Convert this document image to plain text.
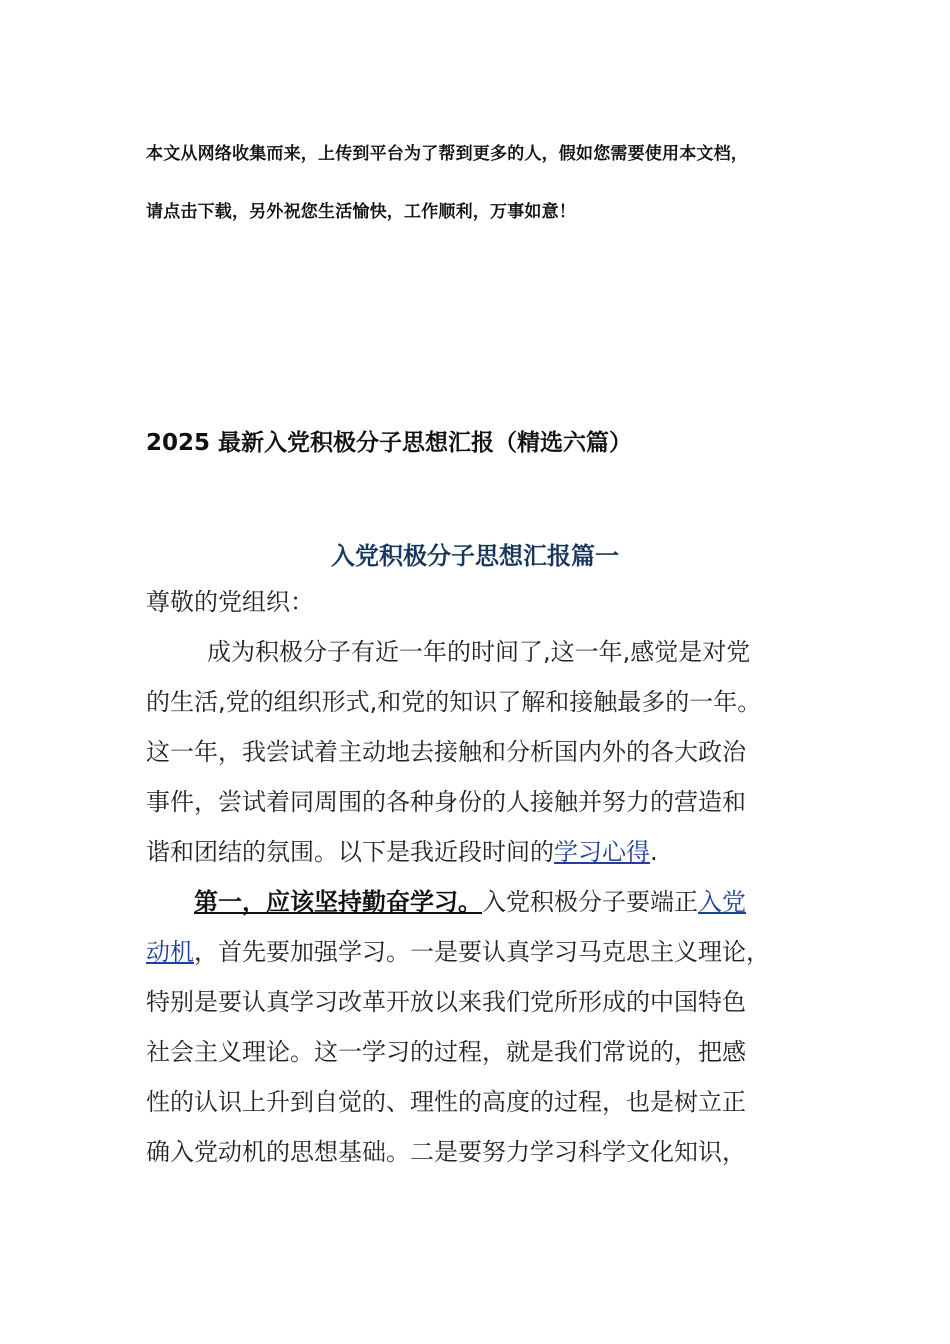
本文从网络收集而来，上传到平台为了帮到更多的人，假如您需要使用本文档，
请点击下载，另外祝您生活愉快，工作顺利，万事如意！
2025 最新入党积极分子思想汇报（精选六篇）
入党积极分子思想汇报篇一
尊敬的党组织：
成为积极分子有近一年的时间了,这一年,感觉是对党
的生活,党的组织形式,和党的知识了解和接触最多的一年。
这一年，我尝试着主动地去接触和分析国内外的各大政治
事件，尝试着同周围的各种身份的人接触并努力的营造和
谐和团结的氛围。以下是我近段时间的学习心得.
第一，应该坚持勤奋学习。入党积极分子要端正入党
动机，首先要加强学习。一是要认真学习马克思主义理论，
特别是要认真学习改革开放以来我们党所形成的中国特色
社会主义理论。这一学习的过程，就是我们常说的，把感
性的认识上升到自觉的、理性的高度的过程，也是树立正
确入党动机的思想基础。二是要努力学习科学文化知识，
